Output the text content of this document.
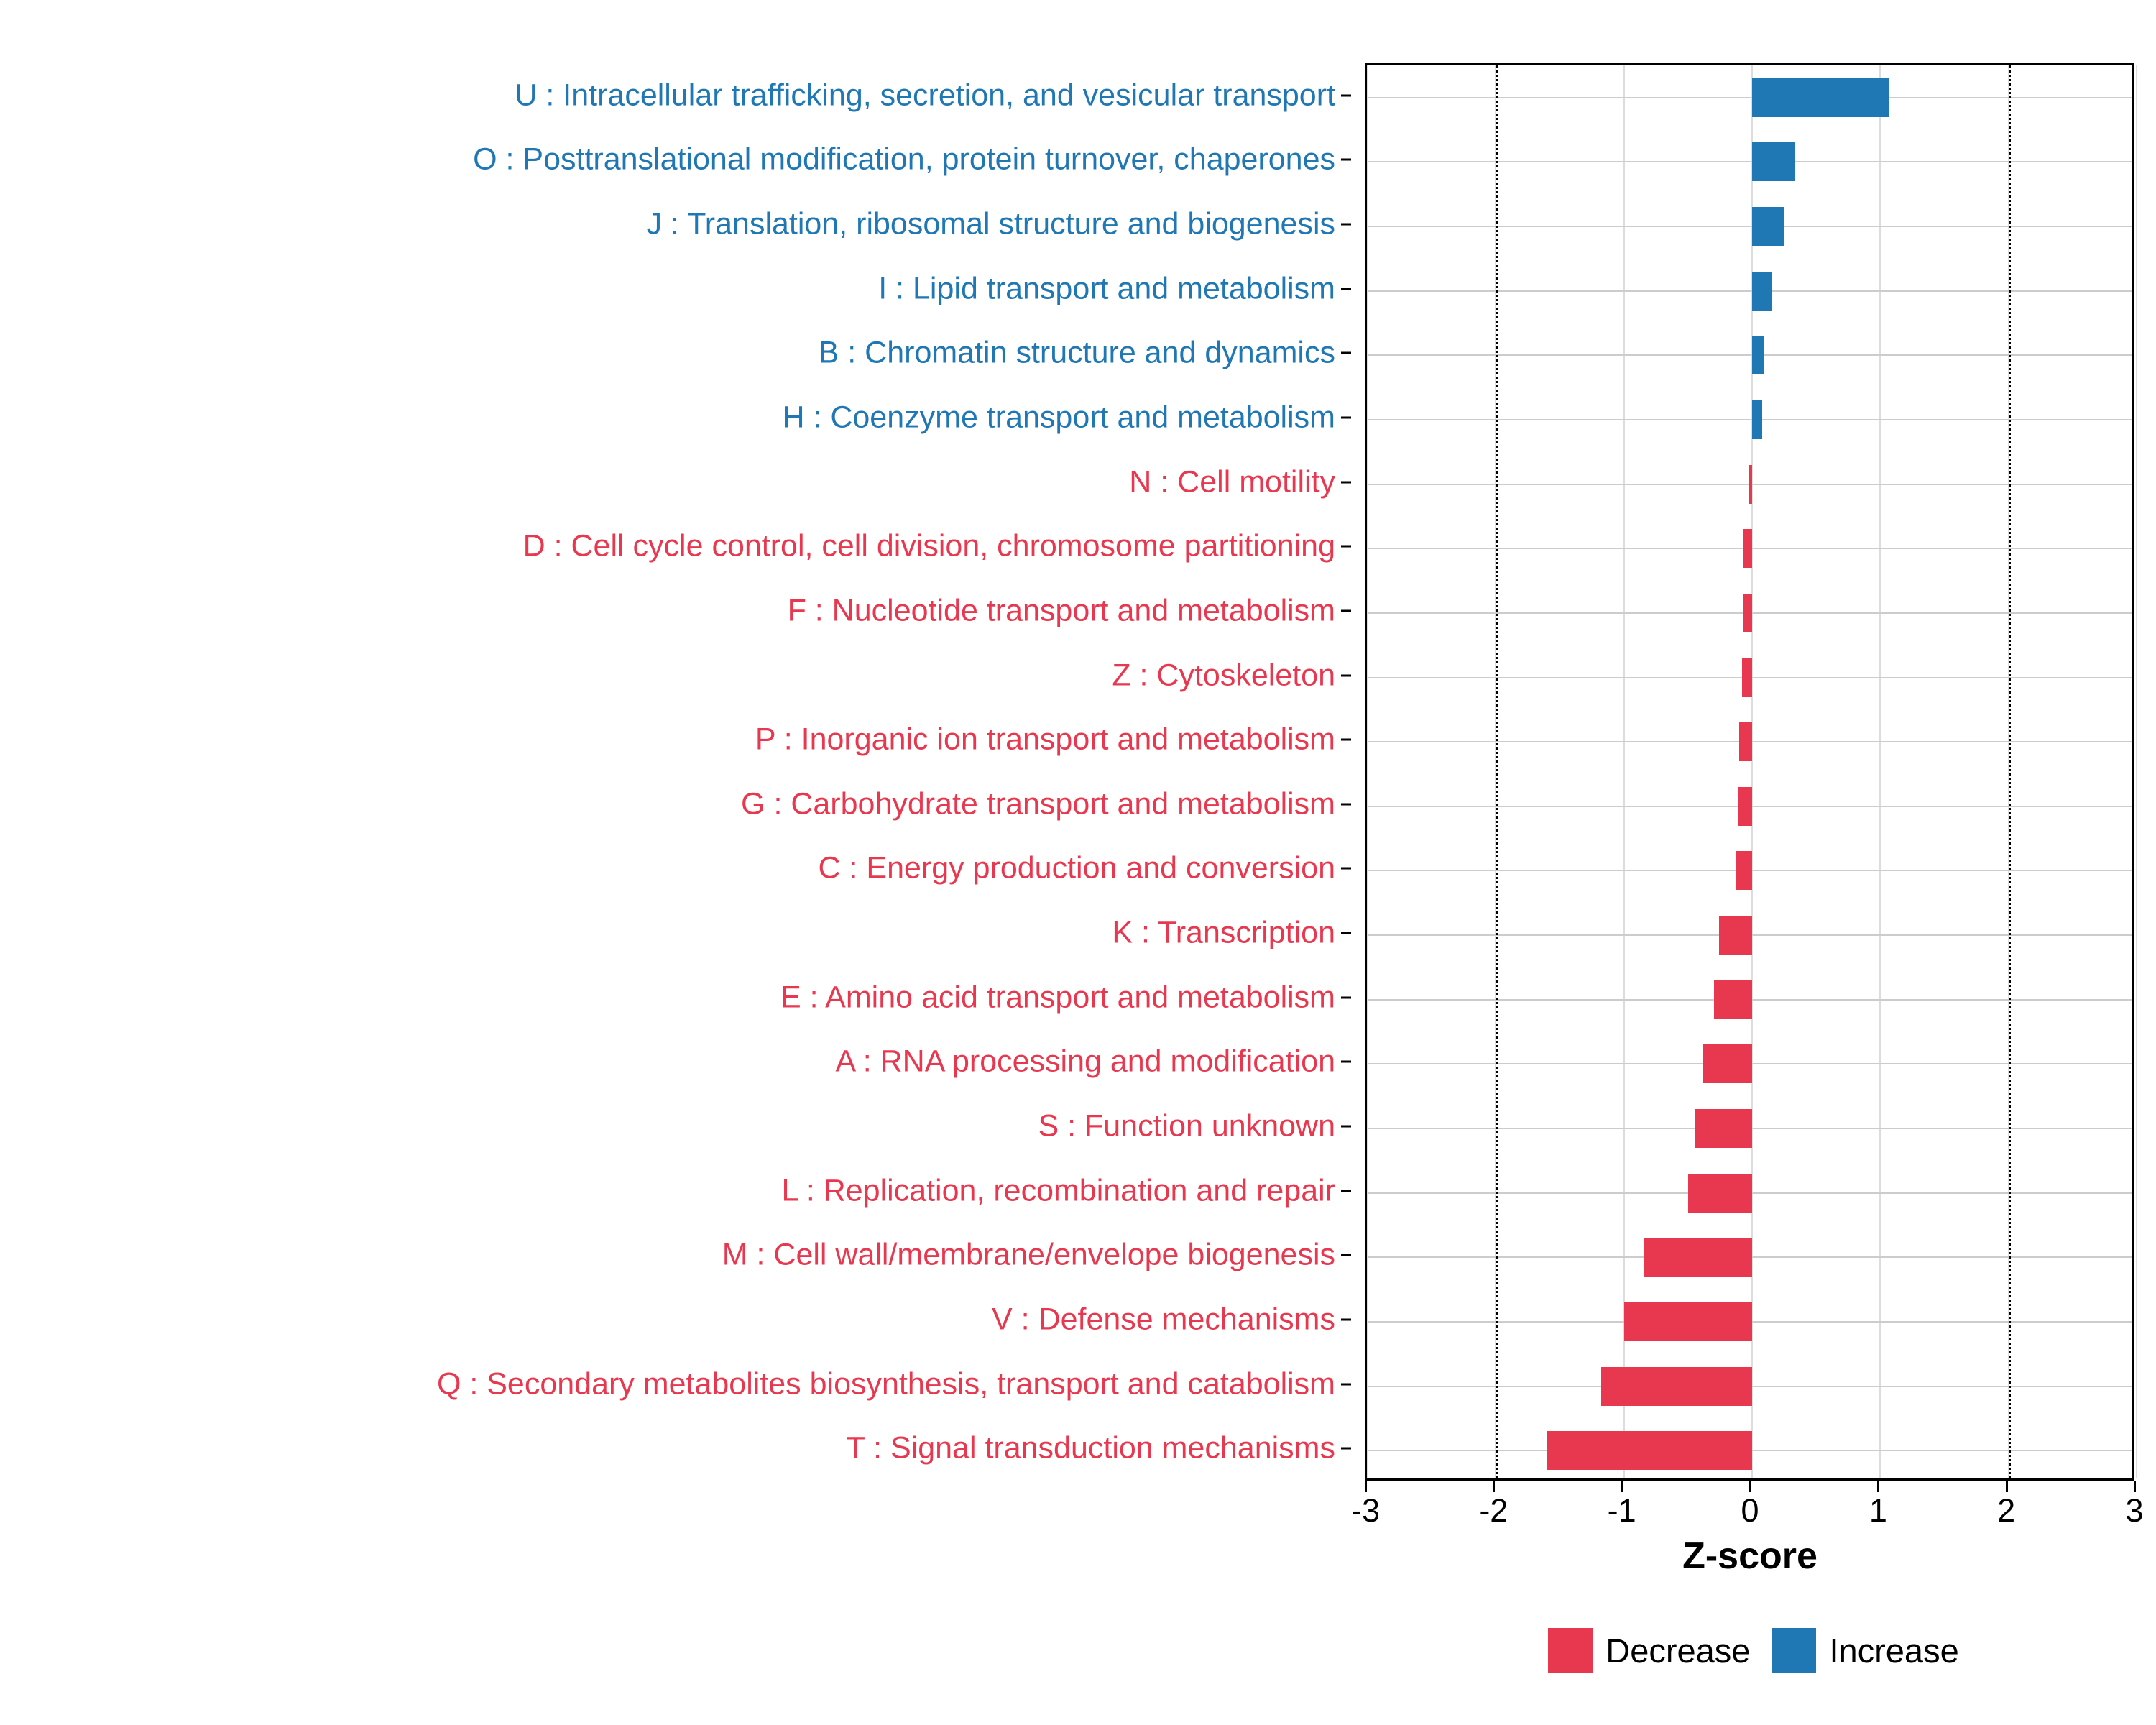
U : Intracellular trafficking, secretion, and vesicular transport
O : Posttranslational modification, protein turnover, chaperones
J : Translation, ribosomal structure and biogenesis
I : Lipid transport and metabolism
B : Chromatin structure and dynamics
H : Coenzyme transport and metabolism
N : Cell motility
D : Cell cycle control, cell division, chromosome partitioning
F : Nucleotide transport and metabolism
Z : Cytoskeleton
P : Inorganic ion transport and metabolism
G : Carbohydrate transport and metabolism
C : Energy production and conversion
K : Transcription
E : Amino acid transport and metabolism
A : RNA processing and modification
S : Function unknown
L : Replication, recombination and repair
M : Cell wall/membrane/envelope biogenesis
V : Defense mechanisms
Q : Secondary metabolites biosynthesis, transport and catabolism
T : Signal transduction mechanisms
-3	-2	-1	0	1	2	3
Z-score
Decrease Increase
